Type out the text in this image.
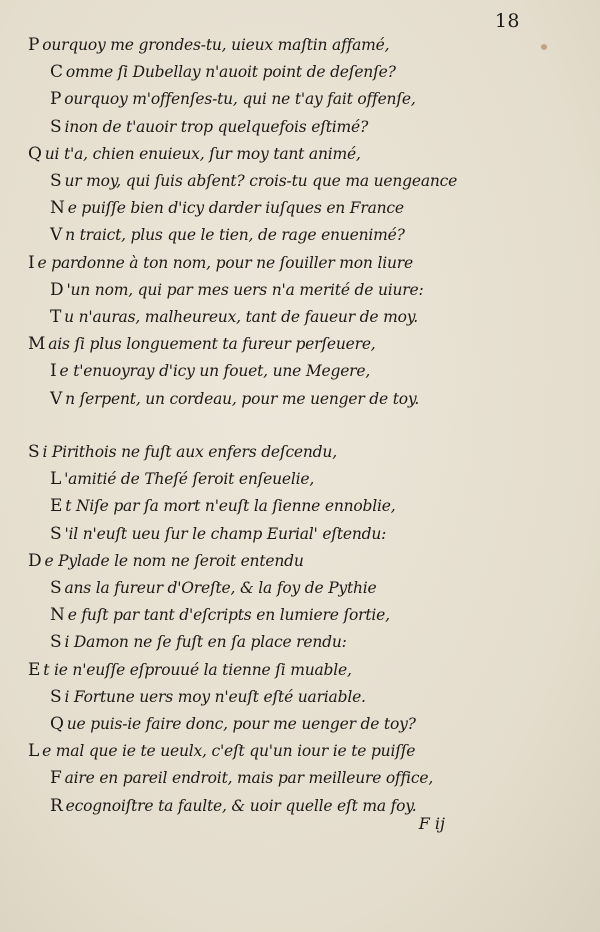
18
P ourquoy me grondes-tu, uieux maſtin affamé,
C omme ſi Dubellay n'auoit point de deſenſe?
P ourquoy m'offenſes-tu, qui ne t'ay fait offenſe,
S inon de t'auoir trop quelquefois eſtimé?
Q ui t'a, chien enuieux, ſur moy tant animé,
S ur moy, qui ſuis abſent? crois-tu que ma uengeance
N e puiſſe bien d'icy darder iuſques en France
V n traict, plus que le tien, de rage enuenimé?
I e pardonne à ton nom, pour ne ſouiller mon liure
D 'un nom, qui par mes uers n'a merité de uiure:
T u n'auras, malheureux, tant de faueur de moy.
M ais ſi plus longuement ta fureur perſeuere,
I e t'enuoyray d'icy un fouet, une Megere,
V n ſerpent, un cordeau, pour me uenger de toy.
S i Pirithois ne fuſt aux enfers deſcendu,
L 'amitié de Theſé ſeroit enſeuelie,
E t Niſe par ſa mort n'euſt la ſienne ennoblie,
S 'il n'euſt ueu ſur le champ Eurial' eſtendu:
D e Pylade le nom ne ſeroit entendu
S ans la fureur d'Oreſte, & la foy de Pythie
N e fuſt par tant d'eſcripts en lumiere ſortie,
S i Damon ne ſe fuſt en ſa place rendu:
E t ie n'euſſe eſprouué la tienne ſi muable,
S i Fortune uers moy n'euſt eſté uariable.
Q ue puis-ie faire donc, pour me uenger de toy?
L e mal que ie te ueulx, c'eſt qu'un iour ie te puiſſe
F aire en pareil endroit, mais par meilleure office,
R ecognoiſtre ta faulte, & uoir quelle eſt ma foy.
F ij
